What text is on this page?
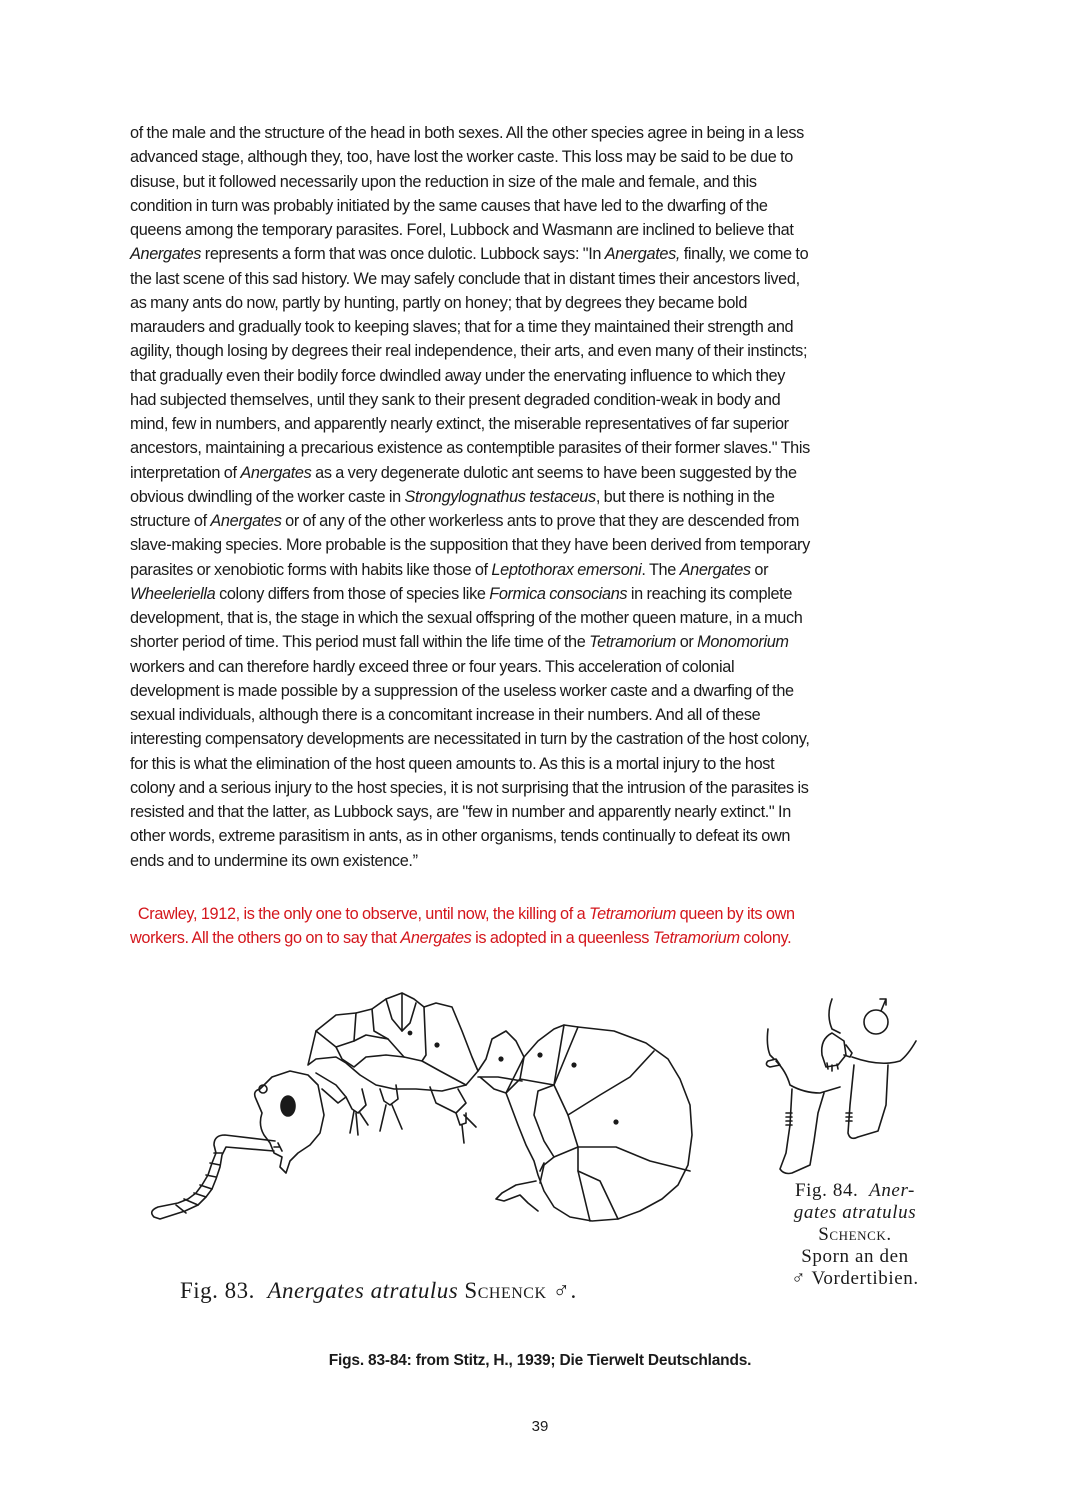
of the male and the structure of the head in both sexes. All the other species agree in being in a less
advanced stage, although they, too, have lost the worker caste. This loss may be said to be due to
disuse, but it followed necessarily upon the reduction in size of the male and female, and this
condition in turn was probably initiated by the same causes that have led to the dwarfing of the
queens among the temporary parasites. Forel, Lubbock and Wasmann are inclined to believe that
Anergates represents a form that was once dulotic. Lubbock says: "In Anergates, finally, we come to
the last scene of this sad history. We may safely conclude that in distant times their ancestors lived,
as many ants do now, partly by hunting, partly on honey; that by degrees they became bold
marauders and gradually took to keeping slaves; that for a time they maintained their strength and
agility, though losing by degrees their real independence, their arts, and even many of their instincts;
that gradually even their bodily force dwindled away under the enervating influence to which they
had subjected themselves, until they sank to their present degraded condition-weak in body and
mind, few in numbers, and apparently nearly extinct, the miserable representatives of far superior
ancestors, maintaining a precarious existence as contemptible parasites of their former slaves." This
interpretation of Anergates as a very degenerate dulotic ant seems to have been suggested by the
obvious dwindling of the worker caste in Strongylognathus testaceus, but there is nothing in the
structure of Anergates or of any of the other workerless ants to prove that they are descended from
slave-making species. More probable is the supposition that they have been derived from temporary
parasites or xenobiotic forms with habits like those of Leptothorax emersoni. The Anergates or
Wheeleriella colony differs from those of species like Formica consocians in reaching its complete
development, that is, the stage in which the sexual offspring of the mother queen mature, in a much
shorter period of time. This period must fall within the life time of the Tetramorium or Monomorium
workers and can therefore hardly exceed three or four years. This acceleration of colonial
development is made possible by a suppression of the useless worker caste and a dwarfing of the
sexual individuals, although there is a concomitant increase in their numbers. And all of these
interesting compensatory developments are necessitated in turn by the castration of the host colony,
for this is what the elimination of the host queen amounts to. As this is a mortal injury to the host
colony and a serious injury to the host species, it is not surprising that the intrusion of the parasites is
resisted and that the latter, as Lubbock says, are "few in number and apparently nearly extinct." In
other words, extreme parasitism in ants, as in other organisms, tends continually to defeat its own
ends and to undermine its own existence.”
Crawley, 1912, is the only one to observe, until now, the killing of a Tetramorium queen by its own
workers. All the others go on to say that Anergates is adopted in a queenless Tetramorium colony.
Fig. 83. Anergates atratulus Schenck ♂.
Fig. 84. Aner-
gates atratulus
Schenck.
Sporn an den
♂ Vordertibien.
Figs. 83-84: from Stitz, H., 1939; Die Tierwelt Deutschlands.
39
